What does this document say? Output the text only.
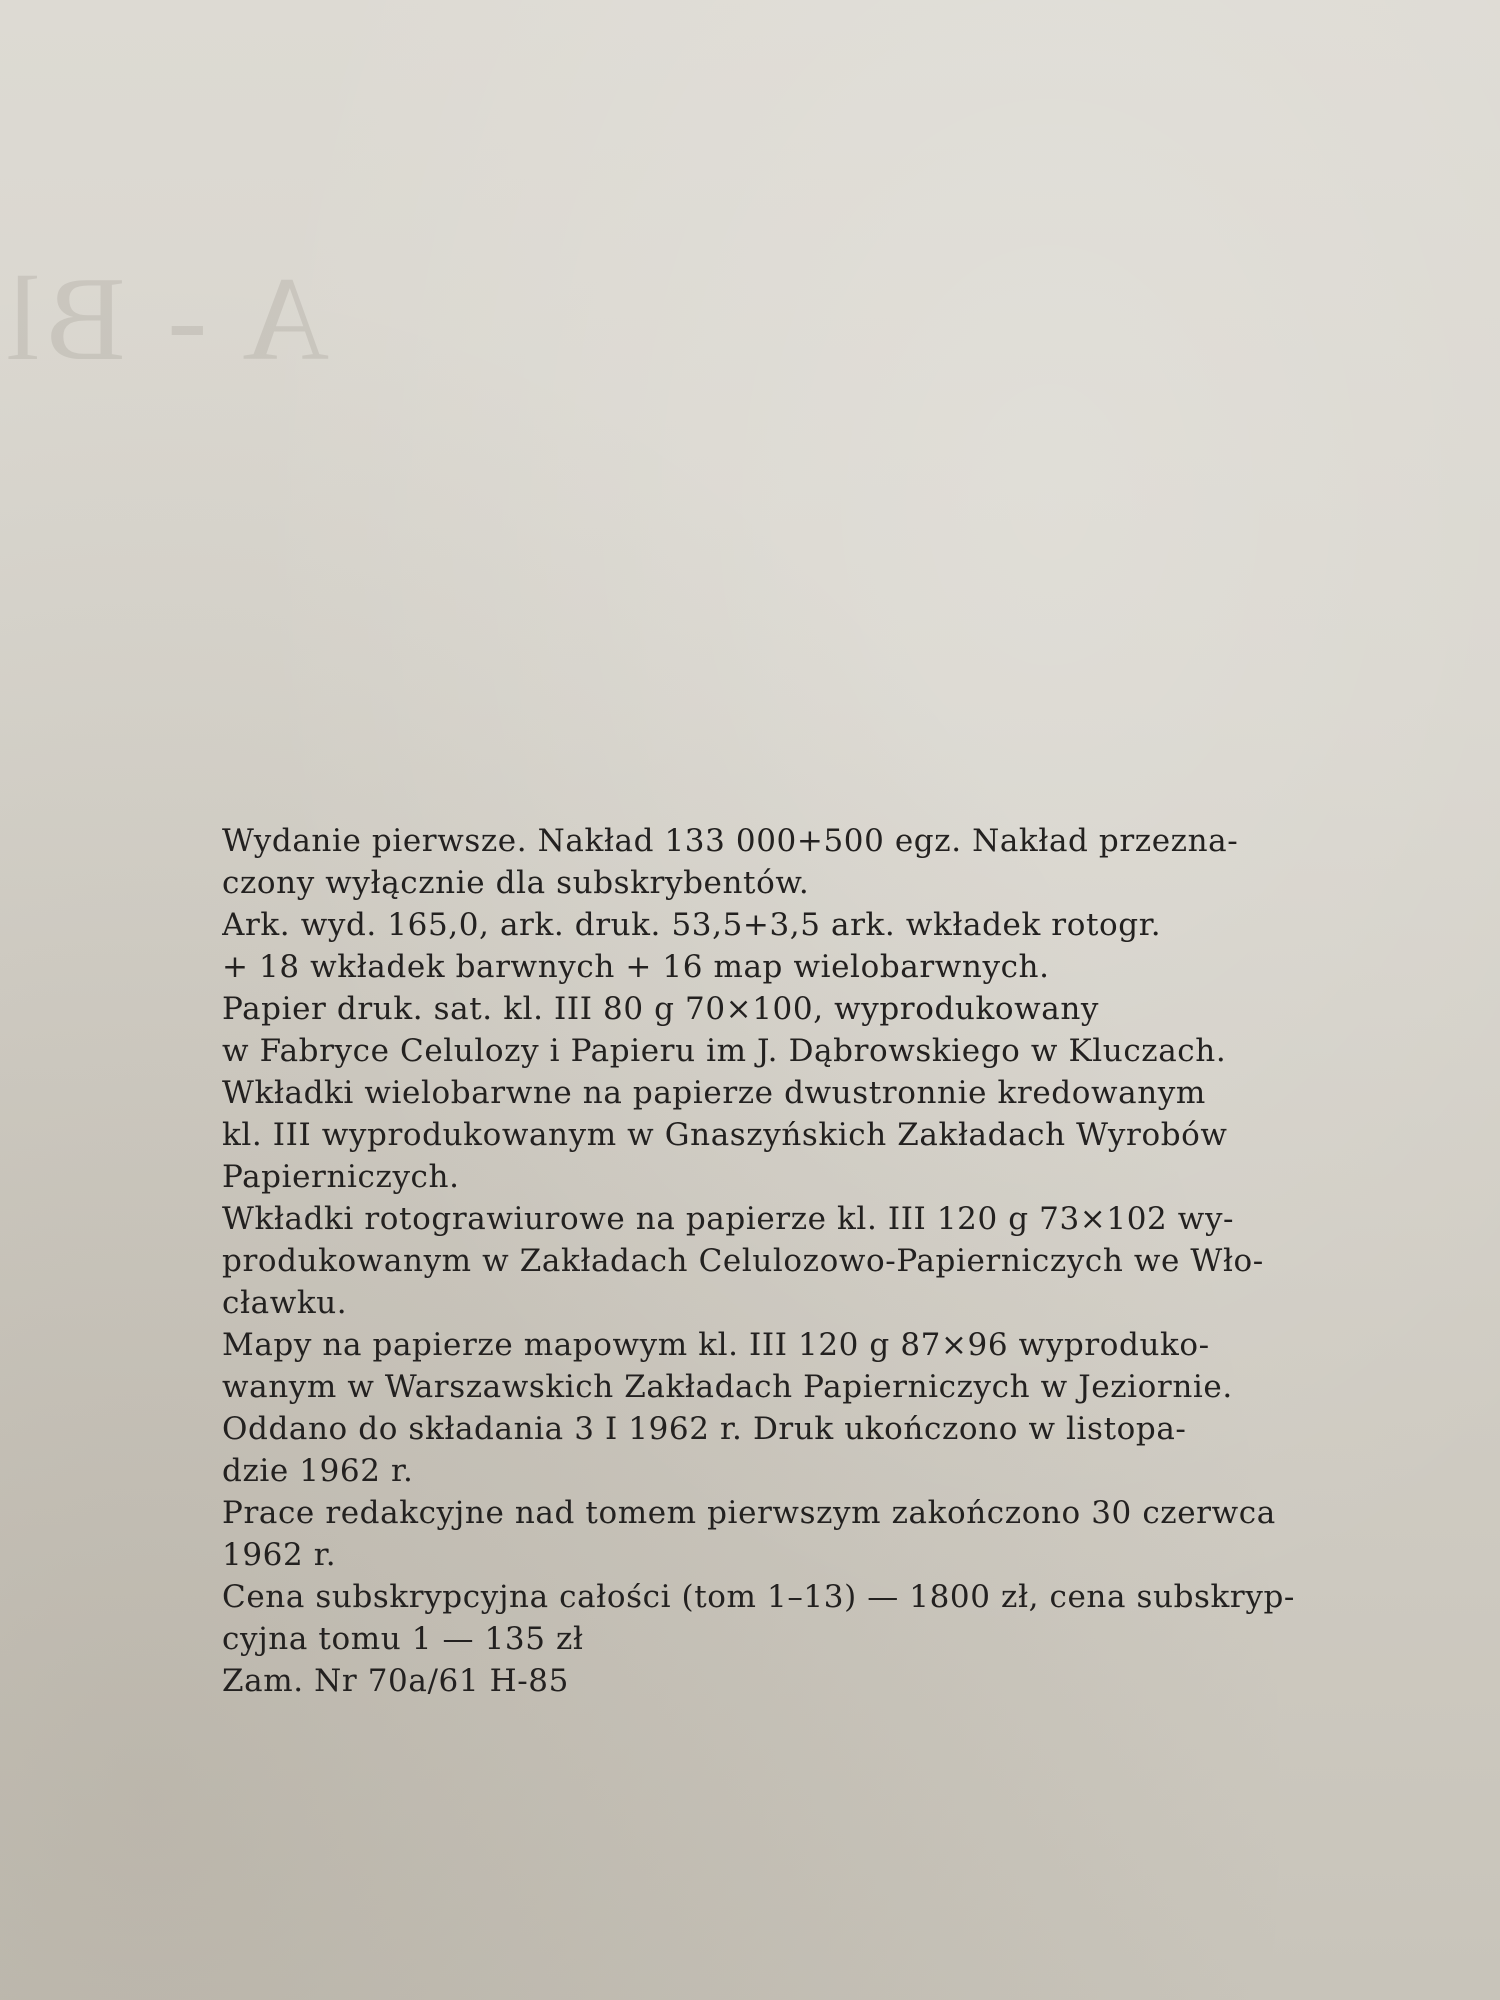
A - Bl
Wydanie pierwsze. Nakład 133 000+500 egz. Nakład przezna-
czony wyłącznie dla subskrybentów.
Ark. wyd. 165,0, ark. druk. 53,5+3,5 ark. wkładek rotogr.
+ 18 wkładek barwnych + 16 map wielobarwnych.
Papier druk. sat. kl. III 80 g 70×100, wyprodukowany
w Fabryce Celulozy i Papieru im J. Dąbrowskiego w Kluczach.
Wkładki wielobarwne na papierze dwustronnie kredowanym
kl. III wyprodukowanym w Gnaszyńskich Zakładach Wyrobów
Papierniczych.
Wkładki rotograwiurowe na papierze kl. III 120 g 73×102 wy-
produkowanym w Zakładach Celulozowo-Papierniczych we Wło-
cławku.
Mapy na papierze mapowym kl. III 120 g 87×96 wyproduko-
wanym w Warszawskich Zakładach Papierniczych w Jeziornie.
Oddano do składania 3 I 1962 r. Druk ukończono w listopa-
dzie 1962 r.
Prace redakcyjne nad tomem pierwszym zakończono 30 czerwca
1962 r.
Cena subskrypcyjna całości (tom 1–13) — 1800 zł, cena subskryp-
cyjna tomu 1 — 135 zł
Zam. Nr 70a/61 H-85
